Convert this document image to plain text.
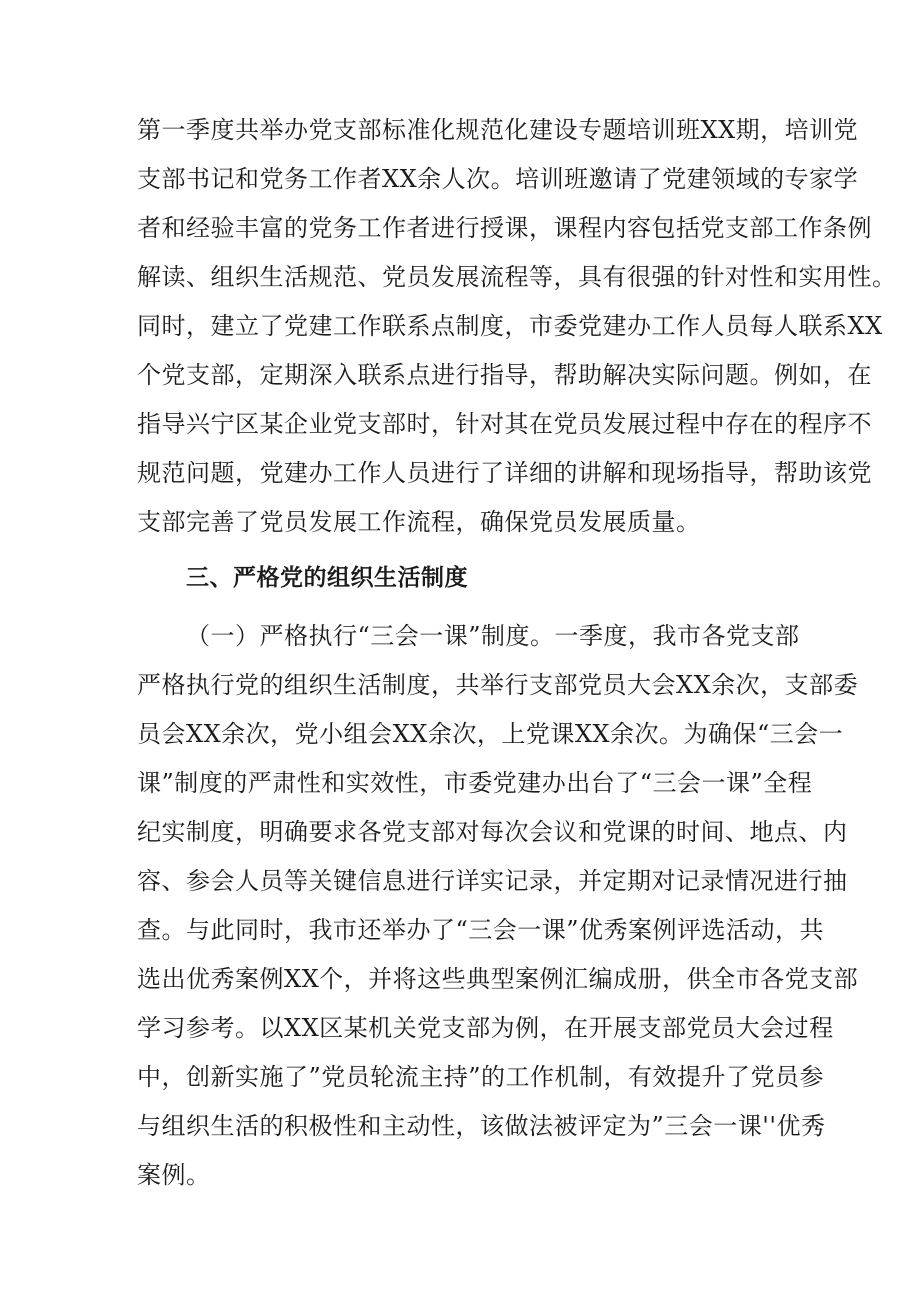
第一季度共举办党支部标准化规范化建设专题培训班XX期，培训党
支部书记和党务工作者XX余人次。培训班邀请了党建领域的专家学
者和经验丰富的党务工作者进行授课，课程内容包括党支部工作条例
解读、组织生活规范、党员发展流程等，具有很强的针对性和实用性。
同时，建立了党建工作联系点制度，市委党建办工作人员每人联系XX
个党支部，定期深入联系点进行指导，帮助解决实际问题。例如，在
指导兴宁区某企业党支部时，针对其在党员发展过程中存在的程序不
规范问题，党建办工作人员进行了详细的讲解和现场指导，帮助该党
支部完善了党员发展工作流程，确保党员发展质量。
三、严格党的组织生活制度
（一）严格执行“三会一课”制度。一季度，我市各党支部
严格执行党的组织生活制度，共举行支部党员大会XX余次，支部委
员会XX余次，党小组会XX余次，上党课XX余次。为确保“三会一
课”制度的严肃性和实效性，市委党建办出台了“三会一课”全程
纪实制度，明确要求各党支部对每次会议和党课的时间、地点、内
容、参会人员等关键信息进行详实记录，并定期对记录情况进行抽
查。与此同时，我市还举办了“三会一课”优秀案例评选活动，共
选出优秀案例XX个，并将这些典型案例汇编成册，供全市各党支部
学习参考。以XX区某机关党支部为例，在开展支部党员大会过程
中，创新实施了”党员轮流主持”的工作机制，有效提升了党员参
与组织生活的积极性和主动性，该做法被评定为”三会一课''优秀
案例。
